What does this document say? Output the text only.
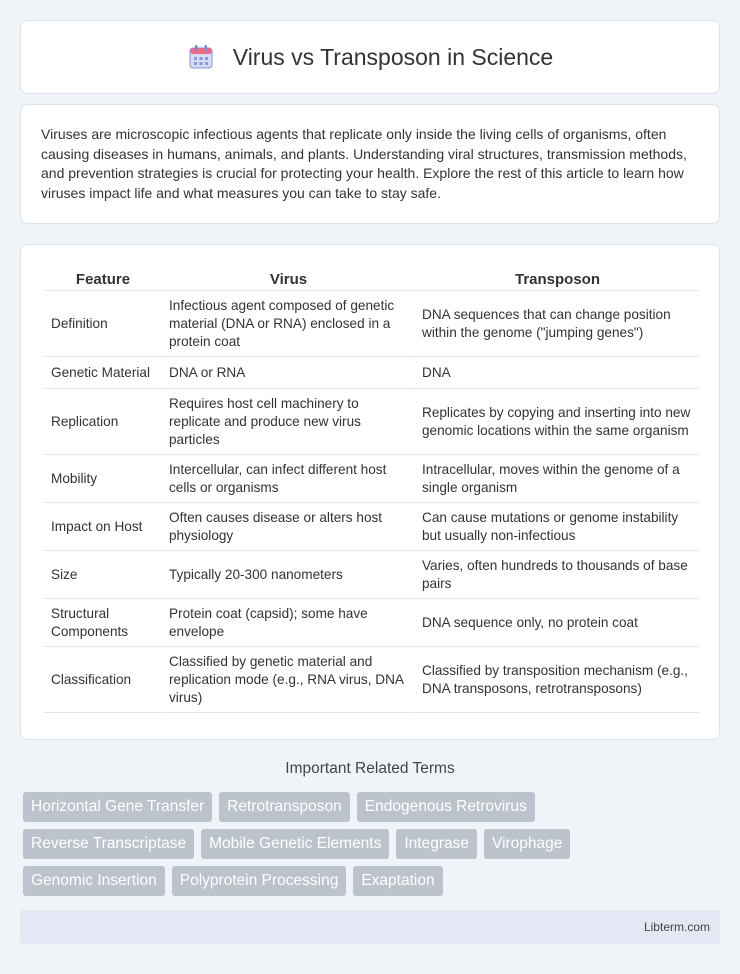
Virus vs Transposon in Science

Viruses are microscopic infectious agents that replicate only inside the living cells of organisms, often causing diseases in humans, animals, and plants. Understanding viral structures, transmission methods, and prevention strategies is crucial for protecting your health. Explore the rest of this article to learn how viruses impact life and what measures you can take to stay safe.

Feature	Virus	Transposon
Definition	Infectious agent composed of genetic material (DNA or RNA) enclosed in a protein coat	DNA sequences that can change position within the genome ("jumping genes")
Genetic Material	DNA or RNA	DNA
Replication	Requires host cell machinery to replicate and produce new virus particles	Replicates by copying and inserting into new genomic locations within the same organism
Mobility	Intercellular, can infect different host cells or organisms	Intracellular, moves within the genome of a single organism
Impact on Host	Often causes disease or alters host physiology	Can cause mutations or genome instability but usually non-infectious
Size	Typically 20-300 nanometers	Varies, often hundreds to thousands of base pairs
Structural Components	Protein coat (capsid); some have envelope	DNA sequence only, no protein coat
Classification	Classified by genetic material and replication mode (e.g., RNA virus, DNA virus)	Classified by transposition mechanism (e.g., DNA transposons, retrotransposons)
Important Related Terms
Horizontal Gene Transfer	Retrotransposon	Endogenous Retrovirus
Reverse Transcriptase	Mobile Genetic Elements	Integrase	Virophage
Genomic Insertion	Polyprotein Processing	Exaptation
Libterm.com
